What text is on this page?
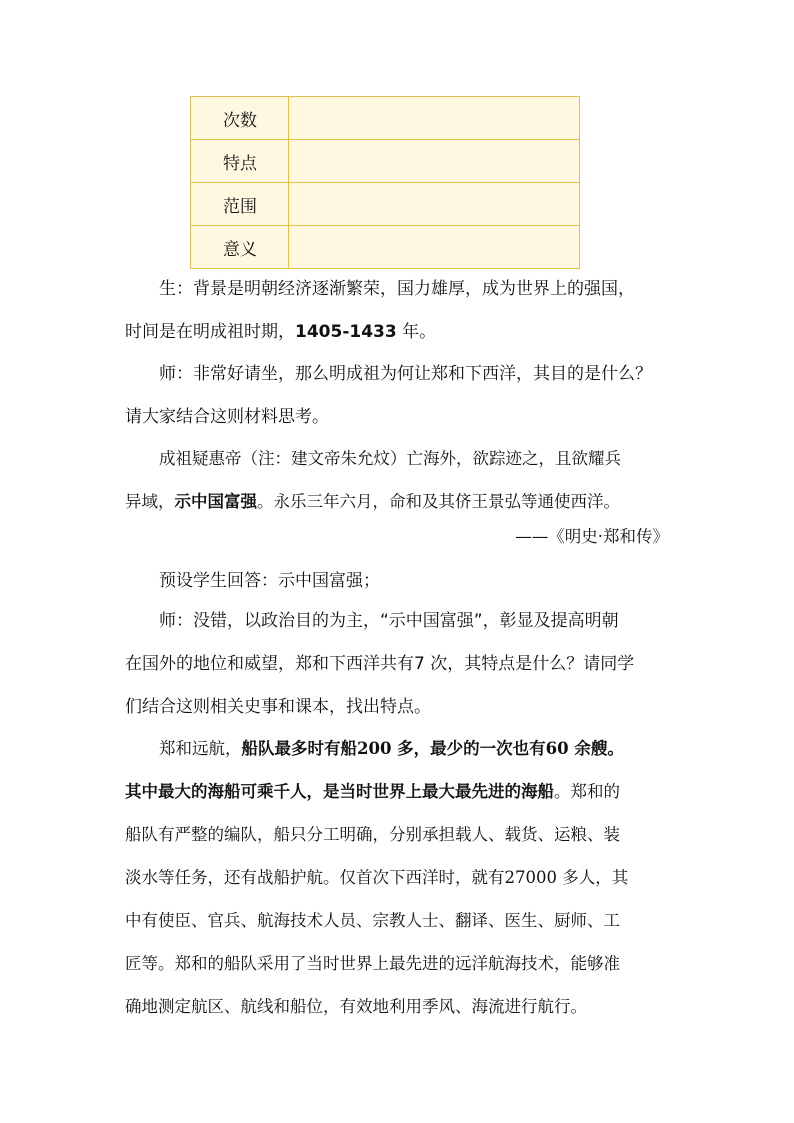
次数	
特点	
范围	
意义	
生：背景是明朝经济逐渐繁荣，国力雄厚，成为世界上的强国，
时间是在明成祖时期，1405-1433 年。
师：非常好请坐，那么明成祖为何让郑和下西洋，其目的是什么？
请大家结合这则材料思考。
成祖疑惠帝（注：建文帝朱允炆）亡海外，欲踪迹之，且欲耀兵
异域，示中国富强。永乐三年六月，命和及其侪王景弘等通使西洋。
——《明史·郑和传》
预设学生回答：示中国富强；
师：没错，以政治目的为主，“示中国富强”，彰显及提高明朝
在国外的地位和威望，郑和下西洋共有7 次，其特点是什么？请同学
们结合这则相关史事和课本，找出特点。
郑和远航，船队最多时有船200 多，最少的一次也有60 余艘。
其中最大的海船可乘千人，是当时世界上最大最先进的海船。郑和的
船队有严整的编队，船只分工明确，分别承担载人、载货、运粮、装
淡水等任务，还有战船护航。仅首次下西洋时，就有27000 多人，其
中有使臣、官兵、航海技术人员、宗教人士、翻译、医生、厨师、工
匠等。郑和的船队采用了当时世界上最先进的远洋航海技术，能够准
确地测定航区、航线和船位，有效地利用季风、海流进行航行。
